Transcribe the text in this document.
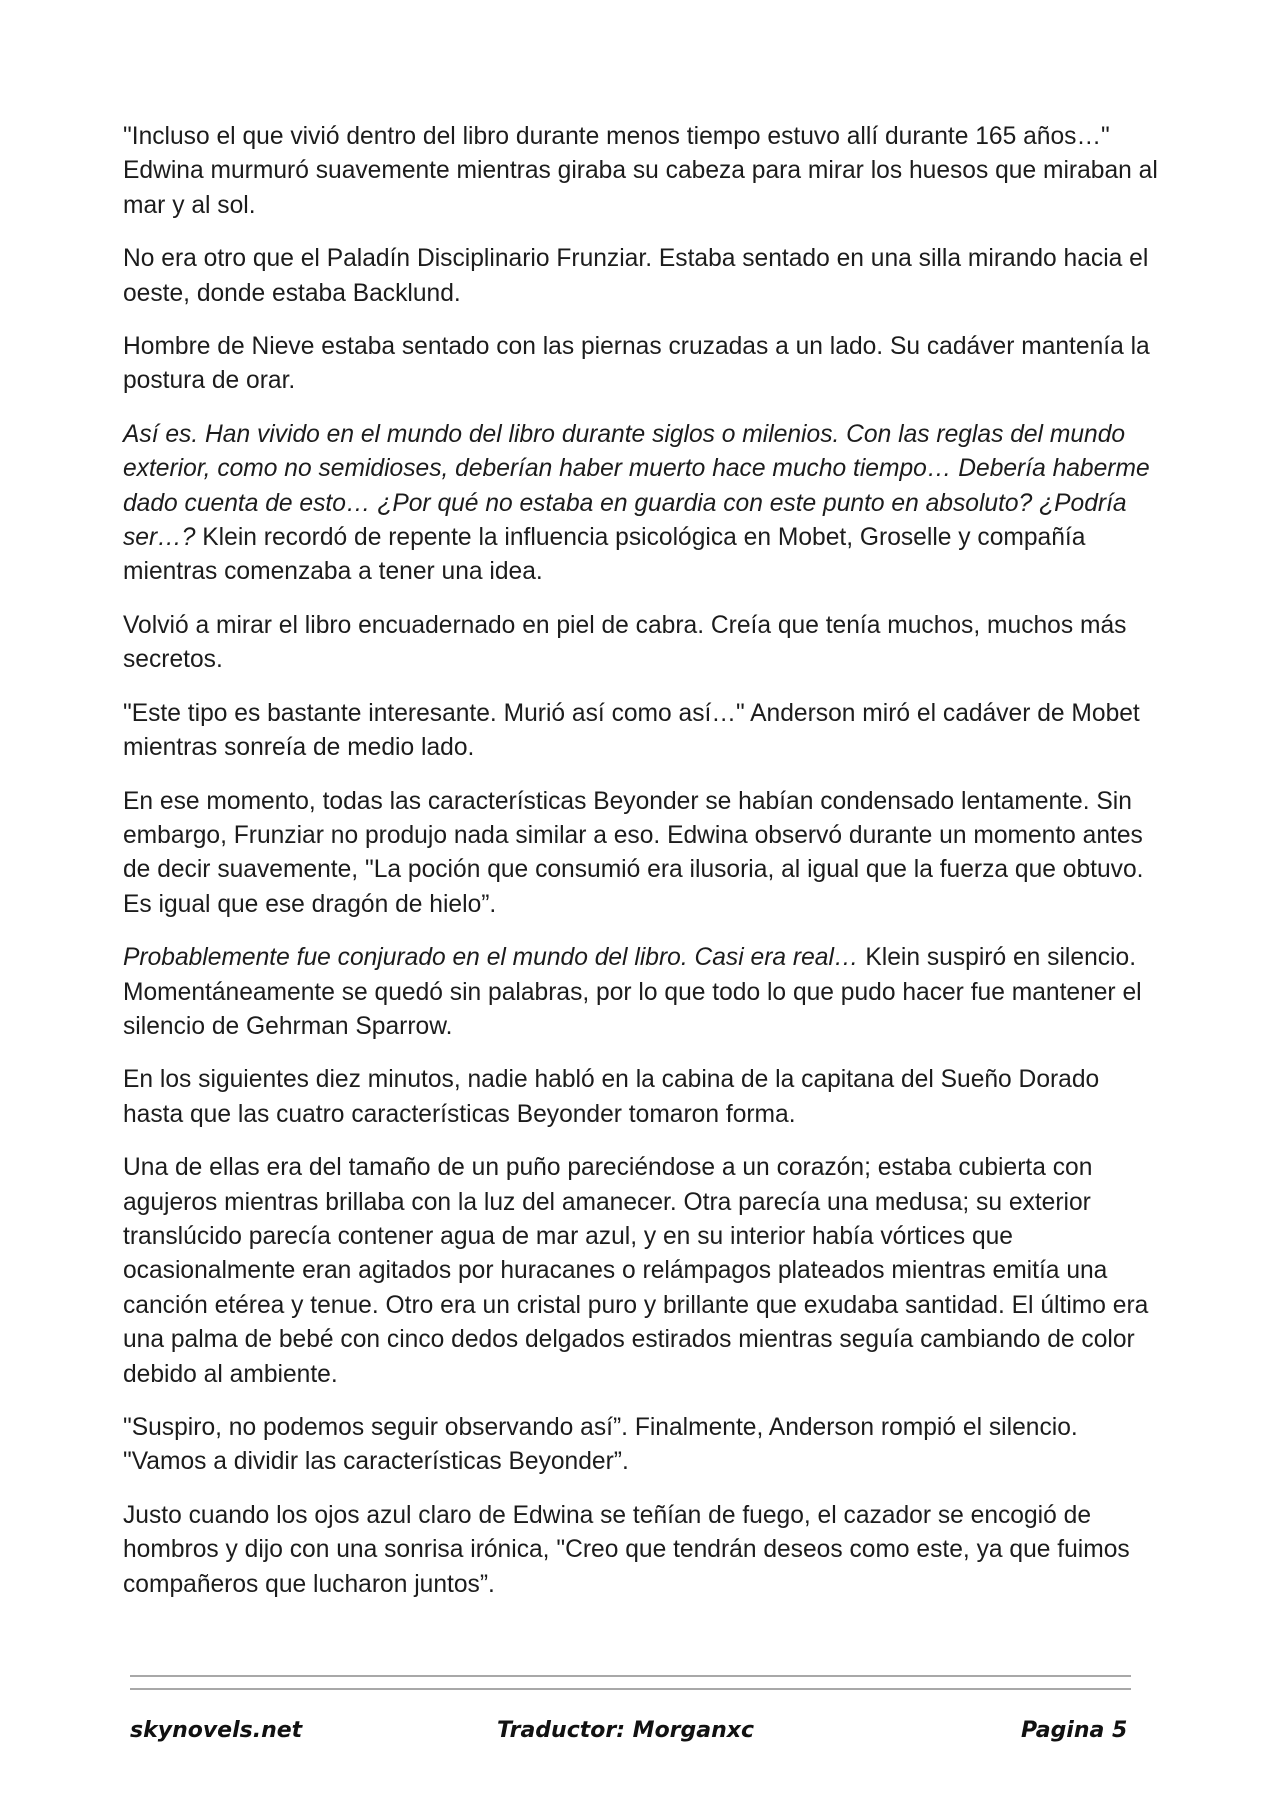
"Incluso el que vivió dentro del libro durante menos tiempo estuvo allí durante 165 años…" Edwina murmuró suavemente mientras giraba su cabeza para mirar los huesos que miraban al mar y al sol.

No era otro que el Paladín Disciplinario Frunziar. Estaba sentado en una silla mirando hacia el oeste, donde estaba Backlund.

Hombre de Nieve estaba sentado con las piernas cruzadas a un lado. Su cadáver mantenía la postura de orar.

Así es. Han vivido en el mundo del libro durante siglos o milenios. Con las reglas del mundo exterior, como no semidioses, deberían haber muerto hace mucho tiempo… Debería haberme dado cuenta de esto… ¿Por qué no estaba en guardia con este punto en absoluto? ¿Podría ser…? Klein recordó de repente la influencia psicológica en Mobet, Groselle y compañía mientras comenzaba a tener una idea.

Volvió a mirar el libro encuadernado en piel de cabra. Creía que tenía muchos, muchos más secretos.

"Este tipo es bastante interesante. Murió así como así…" Anderson miró el cadáver de Mobet mientras sonreía de medio lado.

En ese momento, todas las características Beyonder se habían condensado lentamente. Sin embargo, Frunziar no produjo nada similar a eso. Edwina observó durante un momento antes de decir suavemente, "La poción que consumió era ilusoria, al igual que la fuerza que obtuvo. Es igual que ese dragón de hielo”.

Probablemente fue conjurado en el mundo del libro. Casi era real… Klein suspiró en silencio. Momentáneamente se quedó sin palabras, por lo que todo lo que pudo hacer fue mantener el silencio de Gehrman Sparrow.

En los siguientes diez minutos, nadie habló en la cabina de la capitana del Sueño Dorado hasta que las cuatro características Beyonder tomaron forma.

Una de ellas era del tamaño de un puño pareciéndose a un corazón; estaba cubierta con agujeros mientras brillaba con la luz del amanecer. Otra parecía una medusa; su exterior translúcido parecía contener agua de mar azul, y en su interior había vórtices que ocasionalmente eran agitados por huracanes o relámpagos plateados mientras emitía una canción etérea y tenue. Otro era un cristal puro y brillante que exudaba santidad. El último era una palma de bebé con cinco dedos delgados estirados mientras seguía cambiando de color debido al ambiente.

"Suspiro, no podemos seguir observando así”. Finalmente, Anderson rompió el silencio. "Vamos a dividir las características Beyonder”.

Justo cuando los ojos azul claro de Edwina se teñían de fuego, el cazador se encogió de hombros y dijo con una sonrisa irónica, "Creo que tendrán deseos como este, ya que fuimos compañeros que lucharon juntos”.

skynovels.net	Traductor: Morganxc	Pagina 5
